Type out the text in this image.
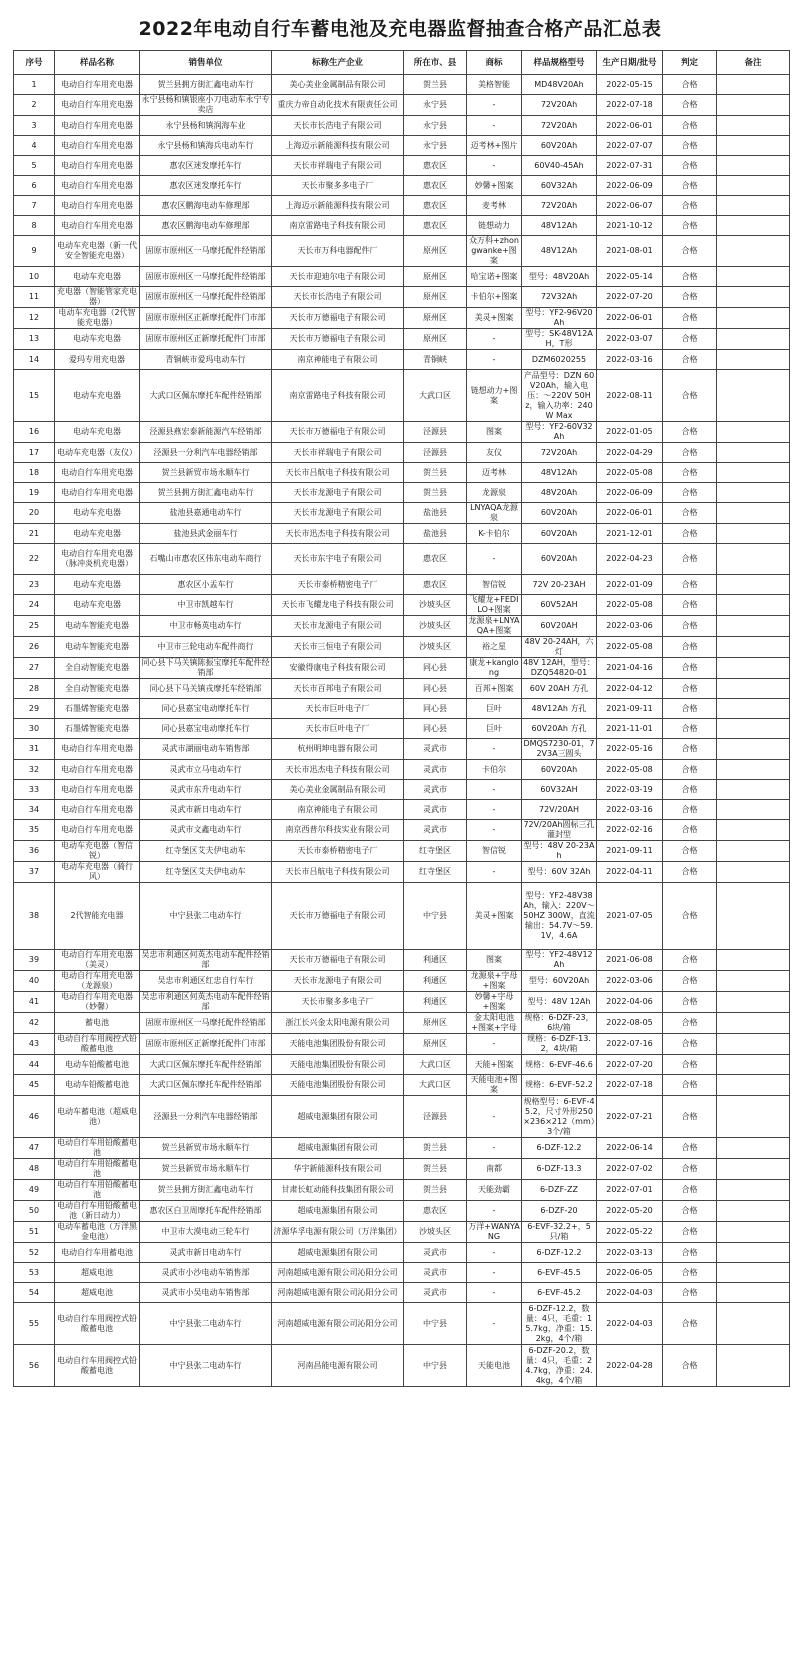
2022年电动自行车蓄电池及充电器监督抽查合格产品汇总表
序号	样品名称	销售单位	标称生产企业	所在市、县	商标	样品规格型号	生产日期/批号	判定	备注
1	电动自行车用充电器	贺兰县拥方街汇鑫电动车行	美心美业金属制品有限公司	贺兰县	美格智能	MD48V20Ah	2022-05-15	合格	
2	电动自行车用充电器	永宁县杨和镇银座小刀电动车永宁专卖店	重庆力帝自动化技术有限责任公司	永宁县	-	72V20Ah	2022-07-18	合格	
3	电动自行车用充电器	永宁县杨和镇润海车业	天长市长浩电子有限公司	永宁县	-	72V20Ah	2022-06-01	合格	
4	电动自行车用充电器	永宁县杨和镇海兵电动车行	上海迈示新能源科技有限公司	永宁县	迈考林+图片	60V20Ah	2022-07-07	合格	
5	电动自行车用充电器	惠农区迷发摩托车行	天长市祥瑞电子有限公司	惠农区	-	60V40-45Ah	2022-07-31	合格	
6	电动自行车用充电器	惠农区迷发摩托车行	天长市聚多多电子厂	惠农区	妙馨+图案	60V32Ah	2022-06-09	合格	
7	电动自行车用充电器	惠农区鹏海电动车修理部	上海迈示新能源科技有限公司	惠农区	麦考林	72V20Ah	2022-06-07	合格	
8	电动自行车用充电器	惠农区鹏海电动车修理部	南京雷路电子科技有限公司	惠农区	链想动力	48V12Ah	2021-10-12	合格	
9	电动车充电器（新一代安全智能充电器）	固原市原州区一马摩托配件经销部	天长市万科电器配件厂	原州区	众万科+zhongwanke+图案	48V12Ah	2021-08-01	合格	
10	电动车充电器	固原市原州区一马摩托配件经销部	天长市迎迪尔电子有限公司	原州区	哈宝诺+图案	型号：48V20Ah	2022-05-14	合格	
11	充电器（智能管家充电器）	固原市原州区一马摩托配件经销部	天长市长浩电子有限公司	原州区	卡伯尔+图案	72V32Ah	2022-07-20	合格	
12	电动车充电器（2代智能充电器）	固原市原州区正新摩托配件门市部	天长市万德福电子有限公司	原州区	美灵+图案	型号：YF2-96V20Ah	2022-06-01	合格	
13	电动车充电器	固原市原州区正新摩托配件门市部	天长市万德福电子有限公司	原州区	-	型号：SK-48V12AH，T形	2022-03-07	合格	
14	爱玛专用充电器	青铜峡市爱玛电动车行	南京神能电子有限公司	青铜峡	-	DZM6020255	2022-03-16	合格	
15	电动车充电器	大武口区佩东摩托车配件经销部	南京雷路电子科技有限公司	大武口区	链想动力+图案	产品型号：DZN 60V20Ah，输入电压：～220V 50Hz，输入功率：240W Max	2022-08-11	合格	
16	电动车充电器	泾源县燕宏泰新能源汽车经销部	天长市万德福电子有限公司	泾源县	图案	型号：YF2-60V32Ah	2022-01-05	合格	
17	电动车充电器（友仪）	泾源县一分利汽车电器经销部	天长市祥瑞电子有限公司	泾源县	友仪	72V20Ah	2022-04-29	合格	
18	电动自行车用充电器	贺兰县新贸市场永顺车行	天长市吕航电子科技有限公司	贺兰县	迈考林	48V12Ah	2022-05-08	合格	
19	电动自行车用充电器	贺兰县拥方街汇鑫电动车行	天长市龙源电子有限公司	贺兰县	龙源泉	48V20Ah	2022-06-09	合格	
20	电动车充电器	盐池县嘉通电动车行	天长市龙源电子有限公司	盐池县	LNYAQA龙源泉	60V20Ah	2022-06-01	合格	
21	电动车充电器	盐池县武金丽车行	天长市迅杰电子科技有限公司	盐池县	K-卡伯尔	60V20Ah	2021-12-01	合格	
22	电动自行车用充电器（脉冲炎机充电器）	石嘴山市惠农区伟东电动车商行	天长市东宇电子有限公司	惠农区	-	60V20Ah	2022-04-23	合格	
23	电动车充电器	惠农区小盂车行	天长市泰桥精密电子厂	惠农区	智信锐	72V 20-23AH	2022-01-09	合格	
24	电动车充电器	中卫市凯越车行	天长市飞耀龙电子科技有限公司	沙坡头区	飞耀龙+FEDILO+图案	60V52AH	2022-05-08	合格	
25	电动车智能充电器	中卫市畅英电动车行	天长市龙源电子有限公司	沙坡头区	龙源泉+LNYAQA+图案	60V20AH	2022-03-06	合格	
26	电动车智能充电器	中卫市三轮电动车配件商行	天长市三恒电子有限公司	沙坡头区	裕之星	48V 20-24AH，六灯	2022-05-08	合格	
27	全自动智能充电器	同心县下马关镇陈振宝摩托车配件经销部	安徽得康电子科技有限公司	同心县	康龙+kanglong	48V 12AH，型号：DZQ54820-01	2021-04-16	合格	
28	全自动智能充电器	同心县下马关镇戎摩托车经销部	天长市百邦电子有限公司	同心县	百邦+图案	60V 20AH 方孔	2022-04-12	合格	
29	石墨烯智能充电器	同心县嘉宝电动摩托车行	天长市巨叶电子厂	同心县	巨叶	48V12Ah 方孔	2021-09-11	合格	
30	石墨烯智能充电器	同心县嘉宝电动摩托车行	天长市巨叶电子厂	同心县	巨叶	60V20Ah 方孔	2021-11-01	合格	
31	电动自行车用充电器	灵武市湖丽电动车销售部	杭州明坤电器有限公司	灵武市	-	DMQS7230-01，72V3A三圆头	2022-05-16	合格	
32	电动自行车用充电器	灵武市立马电动车行	天长市迅杰电子科技有限公司	灵武市	卡伯尔	60V20Ah	2022-05-08	合格	
33	电动自行车用充电器	灵武市东升电动车行	美心美业金属制品有限公司	灵武市	-	60V32AH	2022-03-19	合格	
34	电动自行车用充电器	灵武市新日电动车行	南京神能电子有限公司	灵武市	-	72V/20AH	2022-03-16	合格	
35	电动自行车用充电器	灵武市文鑫电动车行	南京西普尔科技实业有限公司	灵武市	-	72V/20Ah圆标三孔灌封型	2022-02-16	合格	
36	电动车充电器（智信锐）	红寺堡区艾夫伊电动车	天长市泰桥精密电子厂	红寺堡区	智信锐	型号：48V 20-23Ah	2021-09-11	合格	
37	电动车充电器（骑行风）	红寺堡区艾夫伊电动车	天长市吕航电子科技有限公司	红寺堡区	-	型号：60V 32Ah	2022-04-11	合格	
38	2代智能充电器	中宁县张二电动车行	天长市万德福电子有限公司	中宁县	美灵+图案	型号：YF2-48V38Ah，输入：220V～50HZ 300W，直流输出：54.7V～59.1V，4.6A	2021-07-05	合格	
39	电动自行车用充电器（美灵）	吴忠市利通区何英杰电动车配件经销部	天长市万德福电子有限公司	利通区	图案	型号：YF2-48V12Ah	2021-06-08	合格	
40	电动自行车用充电器（龙源泉）	吴忠市利通区红忠自行车行	天长市龙源电子有限公司	利通区	龙源泉+字母+图案	型号：60V20Ah	2022-03-06	合格	
41	电动自行车用充电器（妙馨）	吴忠市利通区何英杰电动车配件经销部	天长市聚多多电子厂	利通区	妙馨+字母+图案	型号：48V 12Ah	2022-04-06	合格	
42	蓄电池	固原市原州区一马摩托配件经销部	浙江长兴金太阳电源有限公司	原州区	金太阳电池+图案+字母	规格：6-DZF-23，6块/箱	2022-08-05	合格	
43	电动自行车用阀控式铅酸蓄电池	固原市原州区正新摩托配件门市部	天能电池集团股份有限公司	原州区	-	规格：6-DZF-13.2，4块/箱	2022-07-16	合格	
44	电动车铅酸蓄电池	大武口区佩东摩托车配件经销部	天能电池集团股份有限公司	大武口区	天能+图案	规格：6-EVF-46.6	2022-07-20	合格	
45	电动车铅酸蓄电池	大武口区佩东摩托车配件经销部	天能电池集团股份有限公司	大武口区	天能电池+图案	规格：6-EVF-52.2	2022-07-18	合格	
46	电动车蓄电池（超威电池）	泾源县一分利汽车电器经销部	超威电源集团有限公司	泾源县	-	规格型号：6-EVF-45.2，尺寸外形250×236×212（mm）3个/箱	2022-07-21	合格	
47	电动自行车用铅酸蓄电池	贺兰县新贸市场永顺车行	超威电源集团有限公司	贺兰县	-	6-DZF-12.2	2022-06-14	合格	
48	电动自行车用铅酸蓄电池	贺兰县新贸市场永顺车行	华宇新能源科技有限公司	贺兰县	南都	6-DZF-13.3	2022-07-02	合格	
49	电动自行车用铅酸蓄电池	贺兰县拥方街汇鑫电动车行	甘肃长虹动能科技集团有限公司	贺兰县	天能劲霸	6-DZF-ZZ	2022-07-01	合格	
50	电动自行车用铅酸蓄电池（新日动力）	惠农区白卫周摩托车配件经销部	超威电源集团有限公司	惠农区	-	6-DZF-20	2022-05-20	合格	
51	电动车蓄电池（万洋黑金电池）	中卫市大漠电动三轮车行	济源华孚电源有限公司（万洋集团）	沙坡头区	万洋+WANYANG	6-EVF-32.2+，5只/箱	2022-05-22	合格	
52	电动自行车用蓄电池	灵武市新日电动车行	超威电源集团有限公司	灵武市	-	6-DZF-12.2	2022-03-13	合格	
53	超威电池	灵武市小沙电动车销售部	河南超威电源有限公司沁阳分公司	灵武市	-	6-EVF-45.5	2022-06-05	合格	
54	超威电池	灵武市小吴电动车销售部	河南超威电源有限公司沁阳分公司	灵武市	-	6-EVF-45.2	2022-04-03	合格	
55	电动自行车用阀控式铅酸蓄电池	中宁县张二电动车行	河南超威电源有限公司沁阳分公司	中宁县	-	6-DZF-12.2，数量：4只，毛重：15.7kg，净重：15.2kg，4个/箱	2022-04-03	合格	
56	电动自行车用阀控式铅酸蓄电池	中宁县张二电动车行	河南昌能电源有限公司	中宁县	天能电池	6-DZF-20.2，数量：4只，毛重：24.7kg，净重：24.4kg，4个/箱	2022-04-28	合格	
